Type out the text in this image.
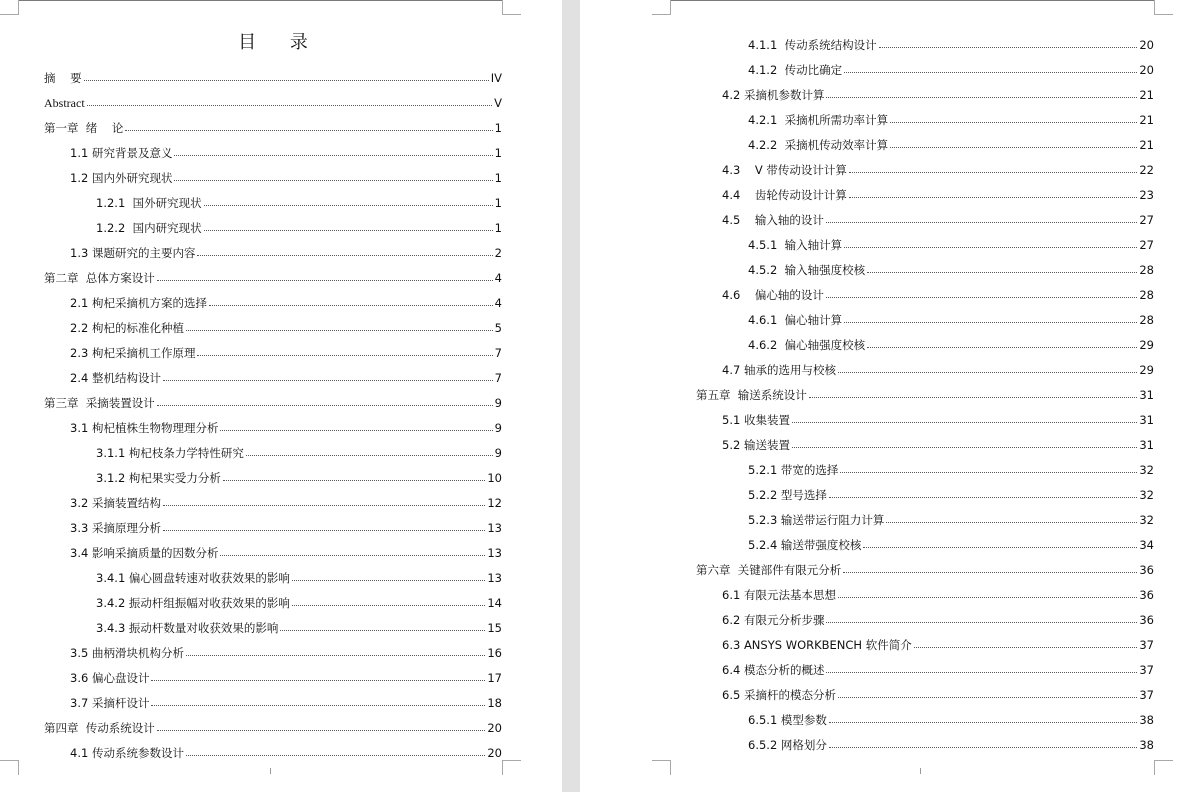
目 录
摘    要	IV
Abstract	V
第一章  绪    论	1
1.1 研究背景及意义	1
1.2 国内外研究现状	1
1.2.1  国外研究现状	1
1.2.2  国内研究现状	1
1.3 课题研究的主要内容	2
第二章  总体方案设计	4
2.1 枸杞采摘机方案的选择	4
2.2 枸杞的标准化种植	5
2.3 枸杞采摘机工作原理	7
2.4 整机结构设计	7
第三章  采摘装置设计	9
3.1 枸杞植株生物物理理分析	9
3.1.1 枸杞枝条力学特性研究	9
3.1.2 枸杞果实受力分析	10
3.2 采摘装置结构	12
3.3 采摘原理分析	13
3.4 影响采摘质量的因数分析	13
3.4.1 偏心圆盘转速对收获效果的影响	13
3.4.2 振动杆组振幅对收获效果的影响	14
3.4.3 振动杆数量对收获效果的影响	15
3.5 曲柄滑块机构分析	16
3.6 偏心盘设计	17
3.7 采摘杆设计	18
第四章  传动系统设计	20
4.1 传动系统参数设计	20
4.1.1  传动系统结构设计	20
4.1.2  传动比确定	20
4.2 采摘机参数计算	21
4.2.1  采摘机所需功率计算	21
4.2.2  采摘机传动效率计算	21
4.3    V 带传动设计计算	22
4.4    齿轮传动设计计算	23
4.5    输入轴的设计	27
4.5.1  输入轴计算	27
4.5.2  输入轴强度校核	28
4.6    偏心轴的设计	28
4.6.1  偏心轴计算	28
4.6.2  偏心轴强度校核	29
4.7 轴承的选用与校核	29
第五章  输送系统设计	31
5.1 收集装置	31
5.2 输送装置	31
5.2.1 带宽的选择	32
5.2.2 型号选择	32
5.2.3 输送带运行阻力计算	32
5.2.4 输送带强度校核	34
第六章  关键部件有限元分析	36
6.1 有限元法基本思想	36
6.2 有限元分析步骤	36
6.3 ANSYS WORKBENCH 软件简介	37
6.4 模态分析的概述	37
6.5 采摘杆的模态分析	37
6.5.1 模型参数	38
6.5.2 网格划分	38
